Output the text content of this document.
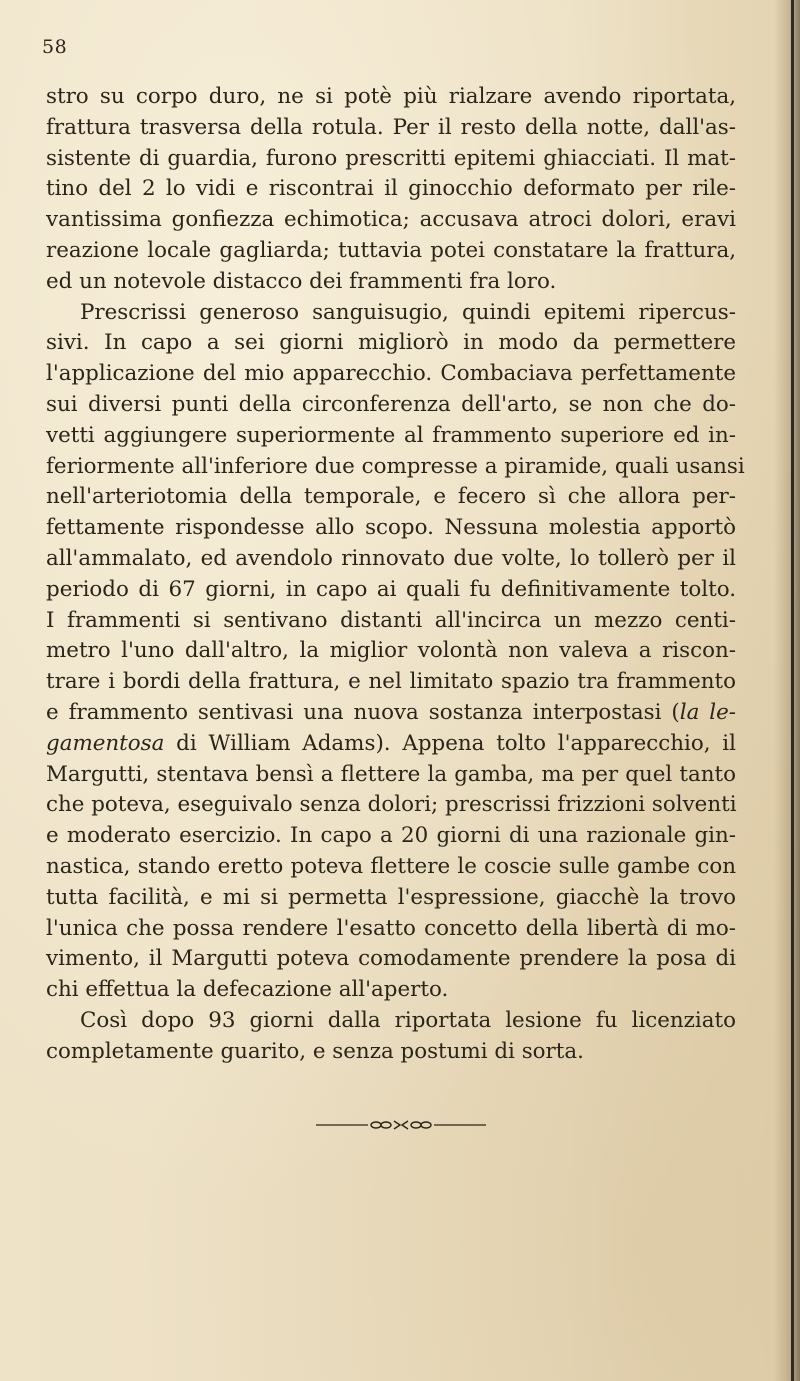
58
stro su corpo duro, ne si potè più rialzare avendo riportata,
frattura trasversa della rotula. Per il resto della notte, dall'as-
sistente di guardia, furono prescritti epitemi ghiacciati. Il mat-
tino del 2 lo vidi e riscontrai il ginocchio deformato per rile-
vantissima gonfiezza echimotica; accusava atroci dolori, eravi
reazione locale gagliarda; tuttavia potei constatare la frattura,
ed un notevole distacco dei frammenti fra loro.
Prescrissi generoso sanguisugio, quindi epitemi ripercus-
sivi. In capo a sei giorni migliorò in modo da permettere
l'applicazione del mio apparecchio. Combaciava perfettamente
sui diversi punti della circonferenza dell'arto, se non che do-
vetti aggiungere superiormente al frammento superiore ed in-
feriormente all'inferiore due compresse a piramide, quali usansi
nell'arteriotomia della temporale, e fecero sì che allora per-
fettamente rispondesse allo scopo. Nessuna molestia apportò
all'ammalato, ed avendolo rinnovato due volte, lo tollerò per il
periodo di 67 giorni, in capo ai quali fu definitivamente tolto.
I frammenti si sentivano distanti all'incirca un mezzo centi-
metro l'uno dall'altro, la miglior volontà non valeva a riscon-
trare i bordi della frattura, e nel limitato spazio tra frammento
e frammento sentivasi una nuova sostanza interpostasi (la le-
gamentosa di William Adams). Appena tolto l'apparecchio, il
Margutti, stentava bensì a flettere la gamba, ma per quel tanto
che poteva, eseguivalo senza dolori; prescrissi frizzioni solventi
e moderato esercizio. In capo a 20 giorni di una razionale gin-
nastica, stando eretto poteva flettere le coscie sulle gambe con
tutta facilità, e mi si permetta l'espressione, giacchè la trovo
l'unica che possa rendere l'esatto concetto della libertà di mo-
vimento, il Margutti poteva comodamente prendere la posa di
chi effettua la defecazione all'aperto.
Così dopo 93 giorni dalla riportata lesione fu licenziato
completamente guarito, e senza postumi di sorta.
